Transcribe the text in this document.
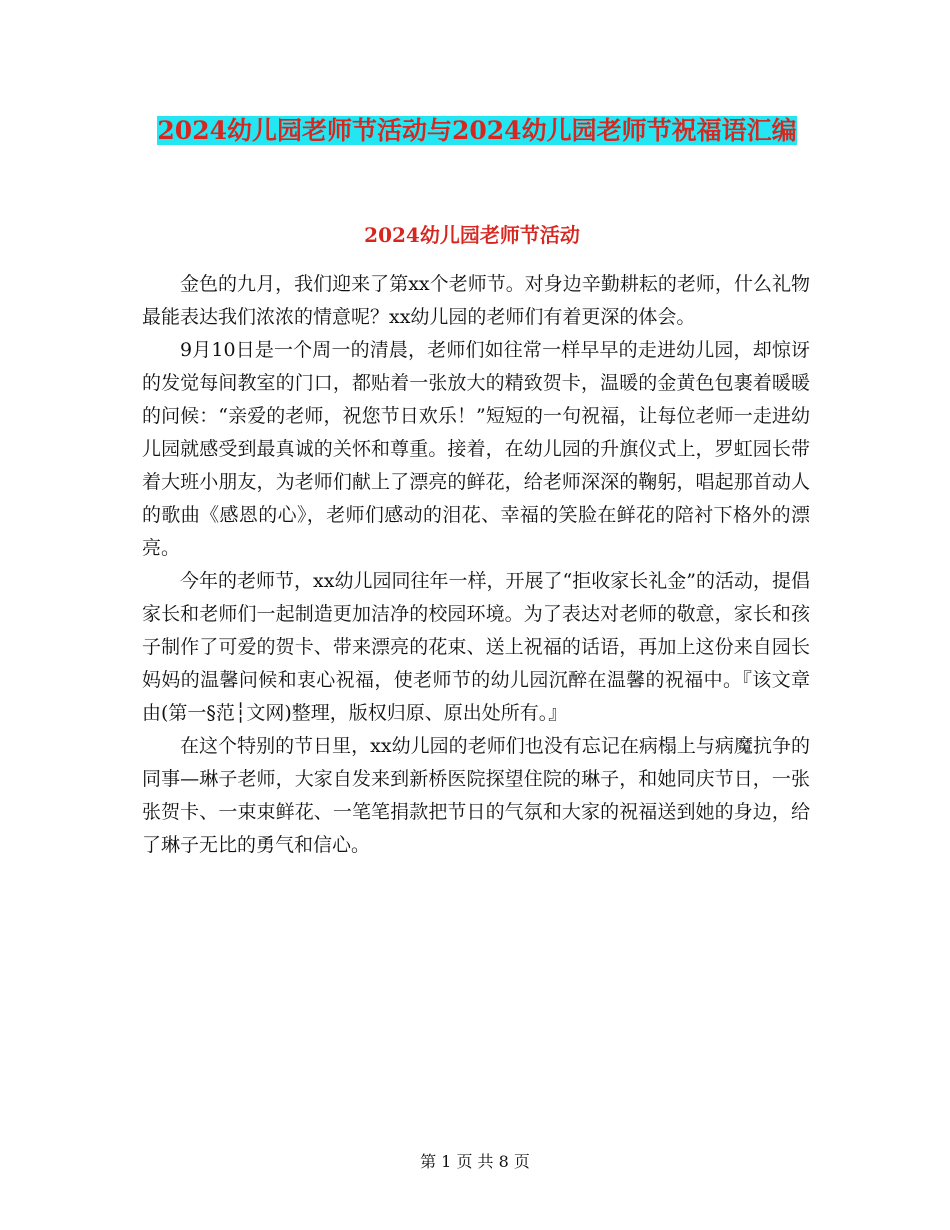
2024幼儿园老师节活动与2024幼儿园老师节祝福语汇编
2024幼儿园老师节活动

金色的九月，我们迎来了第xx个老师节。对身边辛勤耕耘的老师，什么礼物最能表达我们浓浓的情意呢？xx幼儿园的老师们有着更深的体会。

9月10日是一个周一的清晨，老师们如往常一样早早的走进幼儿园，却惊讶的发觉每间教室的门口，都贴着一张放大的精致贺卡，温暖的金黄色包裹着暖暖的问候：“亲爱的老师，祝您节日欢乐！”短短的一句祝福，让每位老师一走进幼儿园就感受到最真诚的关怀和尊重。接着，在幼儿园的升旗仪式上，罗虹园长带着大班小朋友，为老师们献上了漂亮的鲜花，给老师深深的鞠躬，唱起那首动人的歌曲《感恩的心》，老师们感动的泪花、幸福的笑脸在鲜花的陪衬下格外的漂亮。

今年的老师节，xx幼儿园同往年一样，开展了“拒收家长礼金”的活动，提倡家长和老师们一起制造更加洁净的校园环境。为了表达对老师的敬意，家长和孩子制作了可爱的贺卡、带来漂亮的花束、送上祝福的话语，再加上这份来自园长妈妈的温馨问候和衷心祝福，使老师节的幼儿园沉醉在温馨的祝福中。『该文章由(第一§范┆文网)整理，版权归原、原出处所有。』

在这个特别的节日里，xx幼儿园的老师们也没有忘记在病榻上与病魔抗争的同事—琳子老师，大家自发来到新桥医院探望住院的琳子，和她同庆节日，一张张贺卡、一束束鲜花、一笔笔捐款把节日的气氛和大家的祝福送到她的身边，给了琳子无比的勇气和信心。

第 1 页 共 8 页
